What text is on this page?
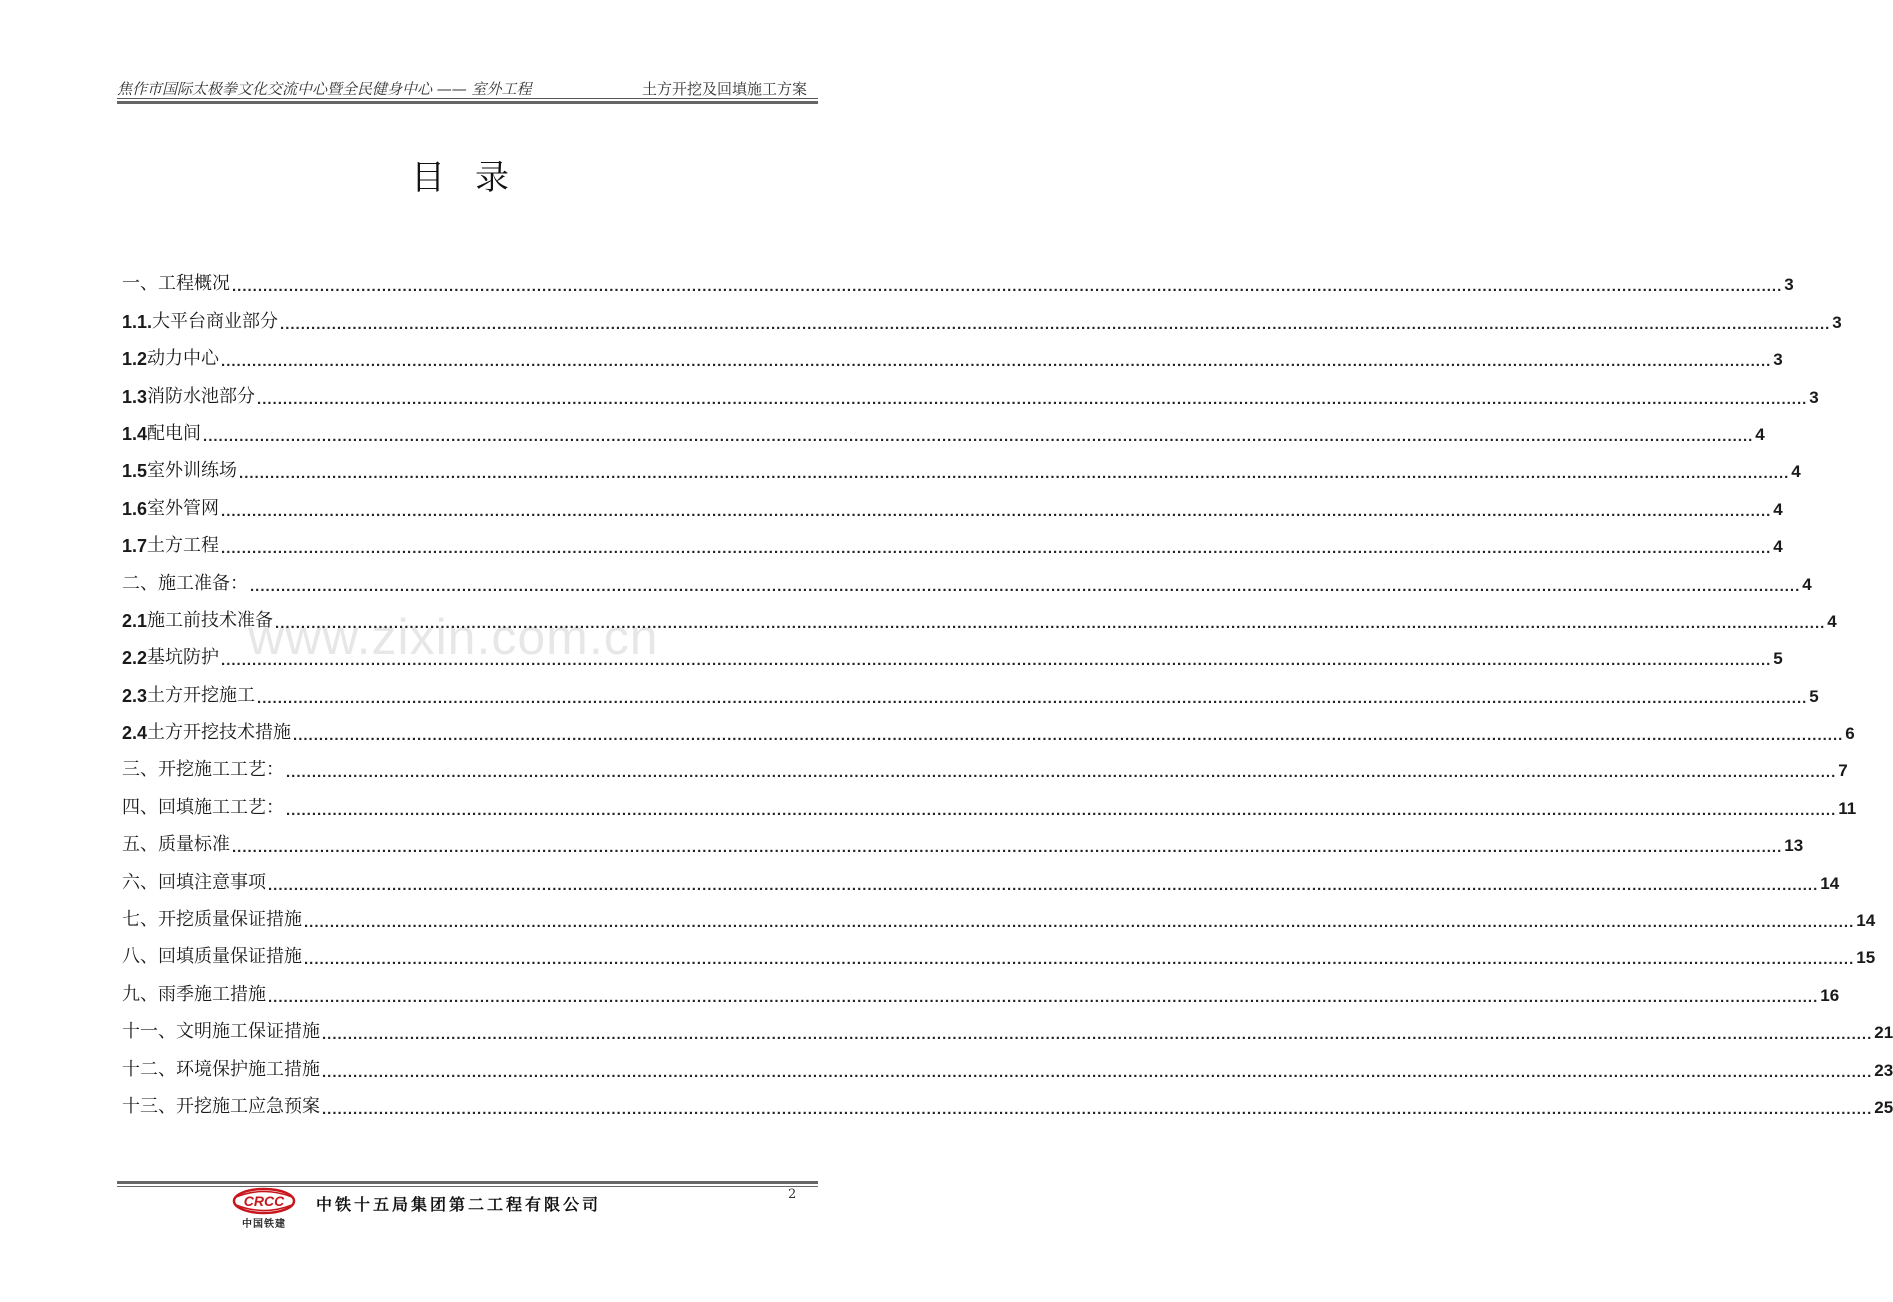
焦作市国际太极拳文化交流中心暨全民健身中心 —— 室外工程	土方开挖及回填施工方案
目录
www.zixin.com.cn
一、工程概况 ............................................................................................................................................................................................................................................................................................................ 3
1.1. 大平台商业部分 ............................................................................................................................................................................................................................................................................................................ 3
1.2 动力中心 ............................................................................................................................................................................................................................................................................................................ 3
1.3 消防水池部分 ............................................................................................................................................................................................................................................................................................................ 3
1.4 配电间 ............................................................................................................................................................................................................................................................................................................ 4
1.5 室外训练场 ............................................................................................................................................................................................................................................................................................................ 4
1.6 室外管网 ............................................................................................................................................................................................................................................................................................................ 4
1.7 土方工程 ............................................................................................................................................................................................................................................................................................................ 4
二、施工准备： ............................................................................................................................................................................................................................................................................................................ 4
2.1 施工前技术准备 ............................................................................................................................................................................................................................................................................................................ 4
2.2 基坑防护 ............................................................................................................................................................................................................................................................................................................ 5
2.3 土方开挖施工 ............................................................................................................................................................................................................................................................................................................ 5
2.4 土方开挖技术措施 ............................................................................................................................................................................................................................................................................................................ 6
三、开挖施工工艺： ............................................................................................................................................................................................................................................................................................................ 7
四、回填施工工艺： ............................................................................................................................................................................................................................................................................................................ 11
五、质量标准 ............................................................................................................................................................................................................................................................................................................ 13
六、回填注意事项 ............................................................................................................................................................................................................................................................................................................ 14
七、开挖质量保证措施 ............................................................................................................................................................................................................................................................................................................ 14
八、回填质量保证措施 ............................................................................................................................................................................................................................................................................................................ 15
九、雨季施工措施 ............................................................................................................................................................................................................................................................................................................ 16
十一、文明施工保证措施 ............................................................................................................................................................................................................................................................................................................ 21
十二、环境保护施工措施 ............................................................................................................................................................................................................................................................................................................ 23
十三、开挖施工应急预案 ............................................................................................................................................................................................................................................................................................................ 25
CRCC
中国铁建
中铁十五局集团第二工程有限公司
2
